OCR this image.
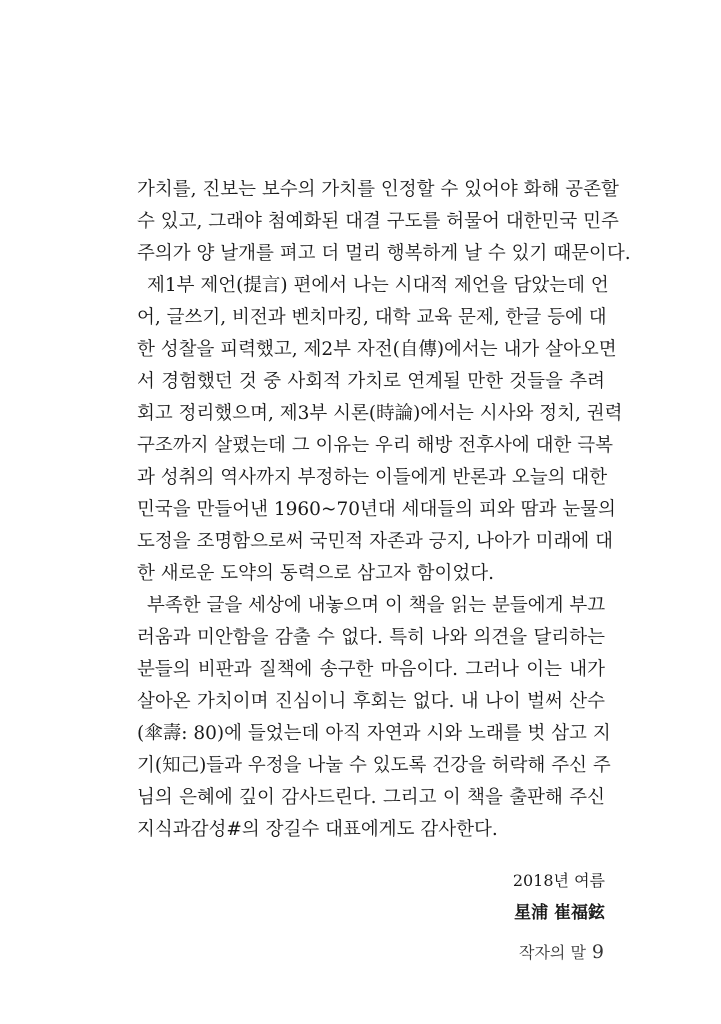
가치를, 진보는 보수의 가치를 인정할 수 있어야 화해 공존할
수 있고, 그래야 첨예화된 대결 구도를 허물어 대한민국 민주
주의가 양 날개를 펴고 더 멀리 행복하게 날 수 있기 때문이다.
제1부 제언(提言) 편에서 나는 시대적 제언을 담았는데 언
어, 글쓰기, 비전과 벤치마킹, 대학 교육 문제, 한글 등에 대
한 성찰을 피력했고, 제2부 자전(自傳)에서는 내가 살아오면
서 경험했던 것 중 사회적 가치로 연계될 만한 것들을 추려
회고 정리했으며, 제3부 시론(時論)에서는 시사와 정치, 권력
구조까지 살폈는데 그 이유는 우리 해방 전후사에 대한 극복
과 성취의 역사까지 부정하는 이들에게 반론과 오늘의 대한
민국을 만들어낸 1960~70년대 세대들의 피와 땀과 눈물의
도정을 조명함으로써 국민적 자존과 긍지, 나아가 미래에 대
한 새로운 도약의 동력으로 삼고자 함이었다.
부족한 글을 세상에 내놓으며 이 책을 읽는 분들에게 부끄
러움과 미안함을 감출 수 없다. 특히 나와 의견을 달리하는
분들의 비판과 질책에 송구한 마음이다. 그러나 이는 내가
살아온 가치이며 진심이니 후회는 없다. 내 나이 벌써 산수
(傘壽: 80)에 들었는데 아직 자연과 시와 노래를 벗 삼고 지
기(知己)들과 우정을 나눌 수 있도록 건강을 허락해 주신 주
님의 은혜에 깊이 감사드린다. 그리고 이 책을 출판해 주신
지식과감성#의 장길수 대표에게도 감사한다.
2018년 여름
星浦 崔福鉉
작자의 말 9
